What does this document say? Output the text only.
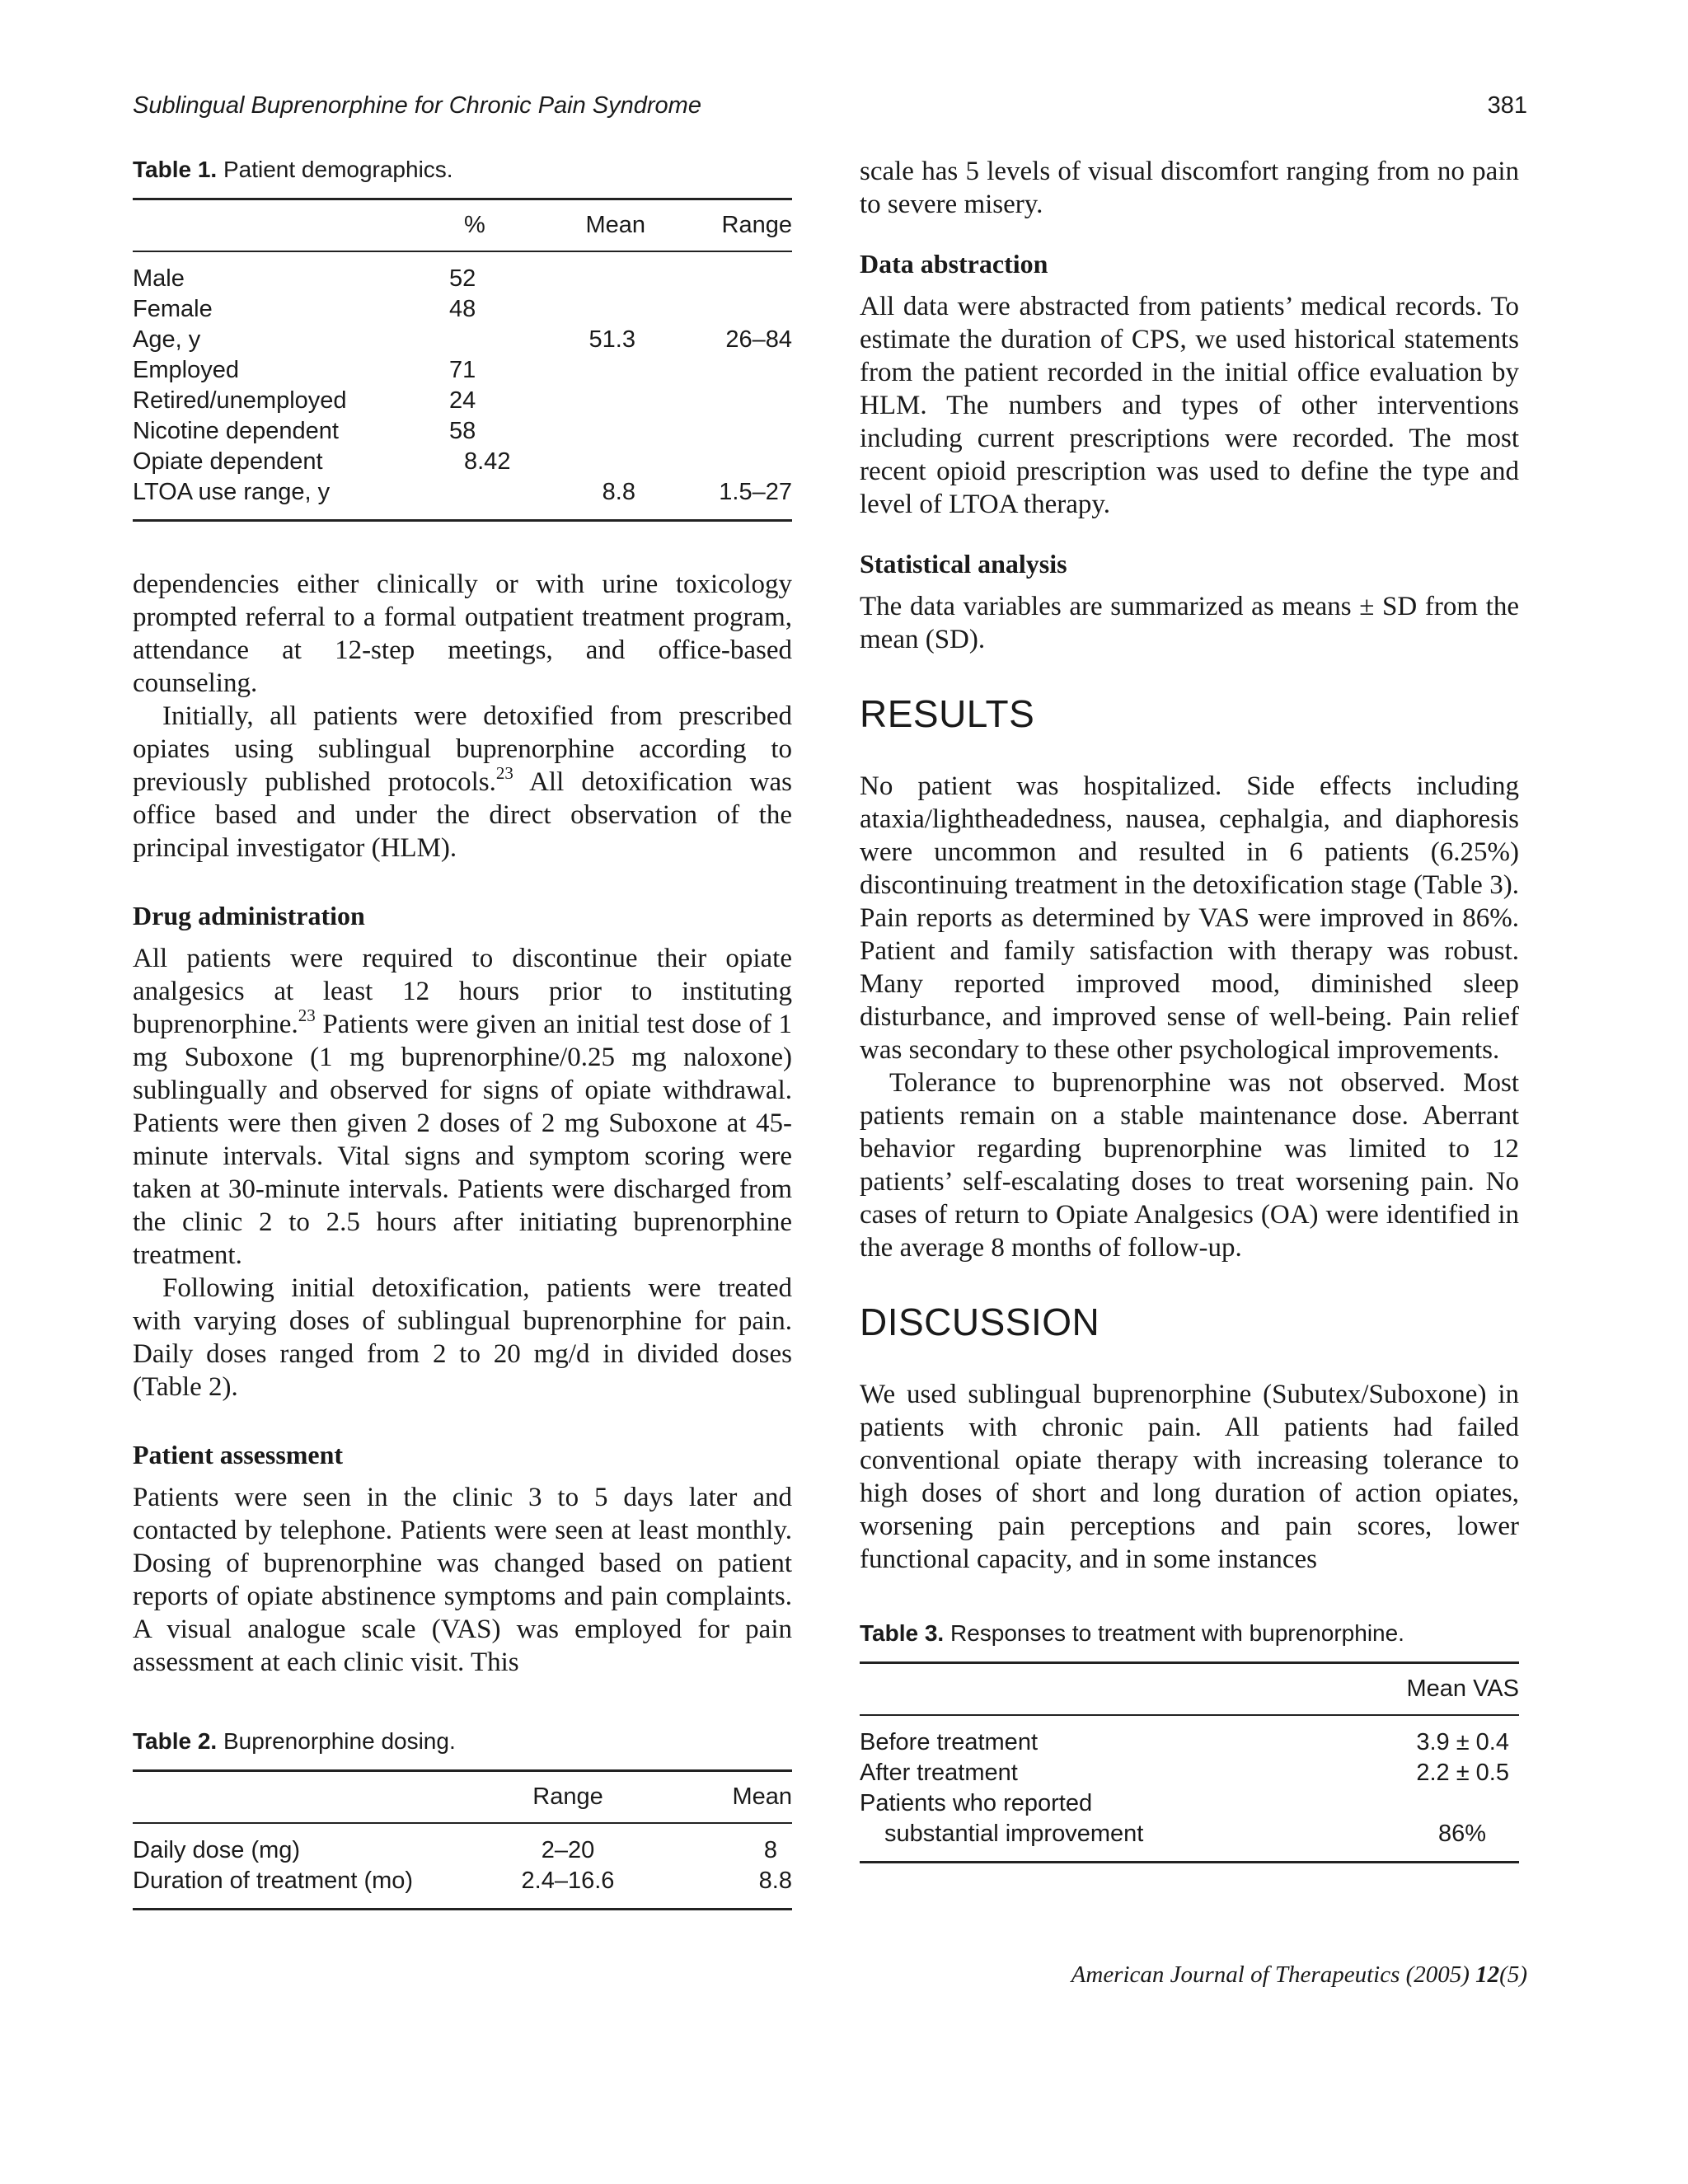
Sublingual Buprenorphine for Chronic Pain Syndrome	381
Table 1. Patient demographics.
	%	Mean	Range
Male	52		
Female	48		
Age, y		51.3	26–84
Employed	71		
Retired/unemployed	24		
Nicotine dependent	58		
Opiate dependent	8.42		
LTOA use range, y		8.8	1.5–27

dependencies either clinically or with urine toxicology prompted referral to a formal outpatient treatment program, attendance at 12-step meetings, and office-based counseling.

Initially, all patients were detoxified from prescribed opiates using sublingual buprenorphine according to previously published protocols.$^{23}$ All detoxification was office based and under the direct observation of the principal investigator (HLM).

Drug administration

All patients were required to discontinue their opiate analgesics at least 12 hours prior to instituting buprenorphine.$^{23}$ Patients were given an initial test dose of 1 mg Suboxone (1 mg buprenorphine/0.25 mg naloxone) sublingually and observed for signs of opiate withdrawal. Patients were then given 2 doses of 2 mg Suboxone at 45-minute intervals. Vital signs and symptom scoring were taken at 30-minute intervals. Patients were discharged from the clinic 2 to 2.5 hours after initiating buprenorphine treatment.

Following initial detoxification, patients were treated with varying doses of sublingual buprenorphine for pain. Daily doses ranged from 2 to 20 mg/d in divided doses (Table 2).

Patient assessment

Patients were seen in the clinic 3 to 5 days later and contacted by telephone. Patients were seen at least monthly. Dosing of buprenorphine was changed based on patient reports of opiate abstinence symptoms and pain complaints. A visual analogue scale (VAS) was employed for pain assessment at each clinic visit. This

Table 2. Buprenorphine dosing.
	Range	Mean
Daily dose (mg)	2–20	8
Duration of treatment (mo)	2.4–16.6	8.8

scale has 5 levels of visual discomfort ranging from no pain to severe misery.

Data abstraction

All data were abstracted from patients’ medical records. To estimate the duration of CPS, we used historical statements from the patient recorded in the initial office evaluation by HLM. The numbers and types of other interventions including current prescriptions were recorded. The most recent opioid prescription was used to define the type and level of LTOA therapy.

Statistical analysis

The data variables are summarized as means ± SD from the mean (SD).

RESULTS

No patient was hospitalized. Side effects including ataxia/lightheadedness, nausea, cephalgia, and diaphoresis were uncommon and resulted in 6 patients (6.25%) discontinuing treatment in the detoxification stage (Table 3). Pain reports as determined by VAS were improved in 86%. Patient and family satisfaction with therapy was robust. Many reported improved mood, diminished sleep disturbance, and improved sense of well-being. Pain relief was secondary to these other psychological improvements.

Tolerance to buprenorphine was not observed. Most patients remain on a stable maintenance dose. Aberrant behavior regarding buprenorphine was limited to 12 patients’ self-escalating doses to treat worsening pain. No cases of return to Opiate Analgesics (OA) were identified in the average 8 months of follow-up.

DISCUSSION

We used sublingual buprenorphine (Subutex/Suboxone) in patients with chronic pain. All patients had failed conventional opiate therapy with increasing tolerance to high doses of short and long duration of action opiates, worsening pain perceptions and pain scores, lower functional capacity, and in some instances

Table 3. Responses to treatment with buprenorphine.
	Mean VAS
Before treatment	3.9 ± 0.4
After treatment	2.2 ± 0.5
Patients who reported	
substantial improvement	86%
American Journal of Therapeutics (2005) 12(5)
